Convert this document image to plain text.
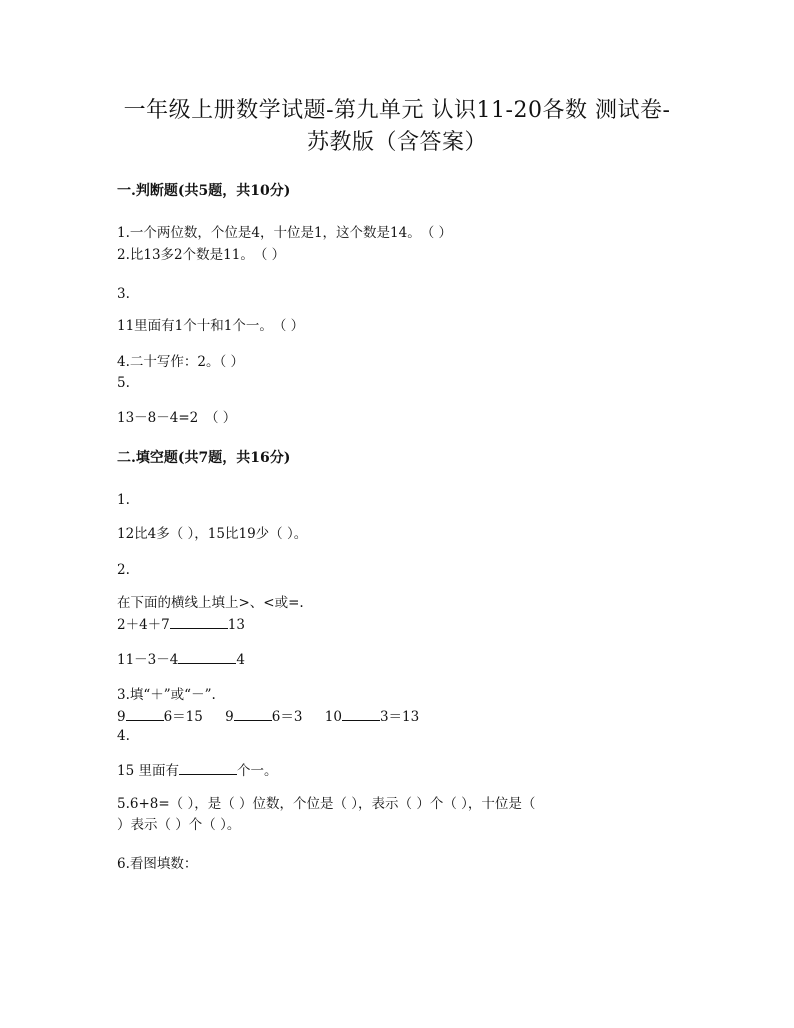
一年级上册数学试题-第九单元 认识11-20各数 测试卷-
苏教版（含答案）
一.判断题(共5题，共10分)
1.一个两位数，个位是4，十位是1，这个数是14。　（ ）
2.比13多2个数是11。　（ ）
3.
11里面有1个十和1个一。　（ ）
4.二十写作：2。（ ）
5.
13－8－4=2　（ ）
二.填空题(共7题，共16分)
1.
12比4多（ ），15比19少（ ）。
2.
在下面的横线上填上>、<或=.
2＋4＋7	13
11－3－4	4
3.填“＋”或“－”.
9	6＝15 9	6＝3 10	3＝13
4.
15 里面有	个一。
5.6+8=（ ），是（ ）位数，个位是（ ），表示（ ）个（ ），十位是（
）表示（ ）个（ ）。
6.看图填数：
